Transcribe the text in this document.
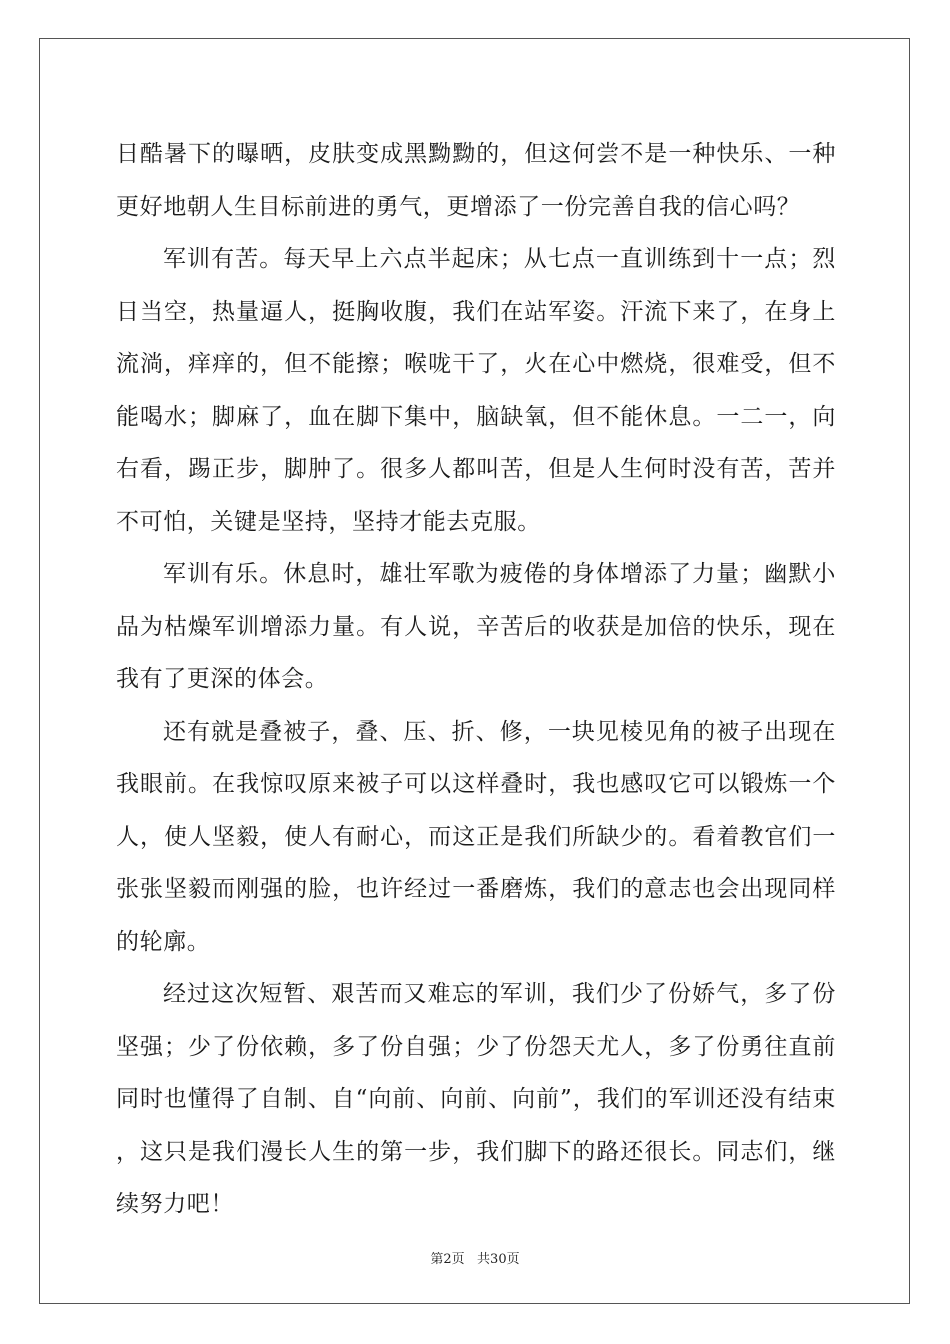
日酷暑下的曝晒，皮肤变成黑黝黝的，但这何尝不是一种快乐、一种更好地朝人生目标前进的勇气，更增添了一份完善自我的信心吗？

军训有苦。每天早上六点半起床；从七点一直训练到十一点；烈日当空，热量逼人，挺胸收腹，我们在站军姿。汗流下来了，在身上流淌，痒痒的，但不能擦；喉咙干了，火在心中燃烧，很难受，但不能喝水；脚麻了，血在脚下集中，脑缺氧，但不能休息。一二一，向右看，踢正步，脚肿了。很多人都叫苦，但是人生何时没有苦，苦并不可怕，关键是坚持，坚持才能去克服。

军训有乐。休息时，雄壮军歌为疲倦的身体增添了力量；幽默小品为枯燥军训增添力量。有人说，辛苦后的收获是加倍的快乐，现在我有了更深的体会。

还有就是叠被子，叠、压、折、修，一块见棱见角的被子出现在我眼前。在我惊叹原来被子可以这样叠时，我也感叹它可以锻炼一个人，使人坚毅，使人有耐心，而这正是我们所缺少的。看着教官们一张张坚毅而刚强的脸，也许经过一番磨炼，我们的意志也会出现同样的轮廓。

经过这次短暂、艰苦而又难忘的军训，我们少了份娇气，多了份坚强；少了份依赖，多了份自强；少了份怨天尤人，多了份勇往直前同时也懂得了自制、自“向前、向前、向前”，我们的军训还没有结束，这只是我们漫长人生的第一步，我们脚下的路还很长。同志们，继续努力吧！

第2页   共30页
